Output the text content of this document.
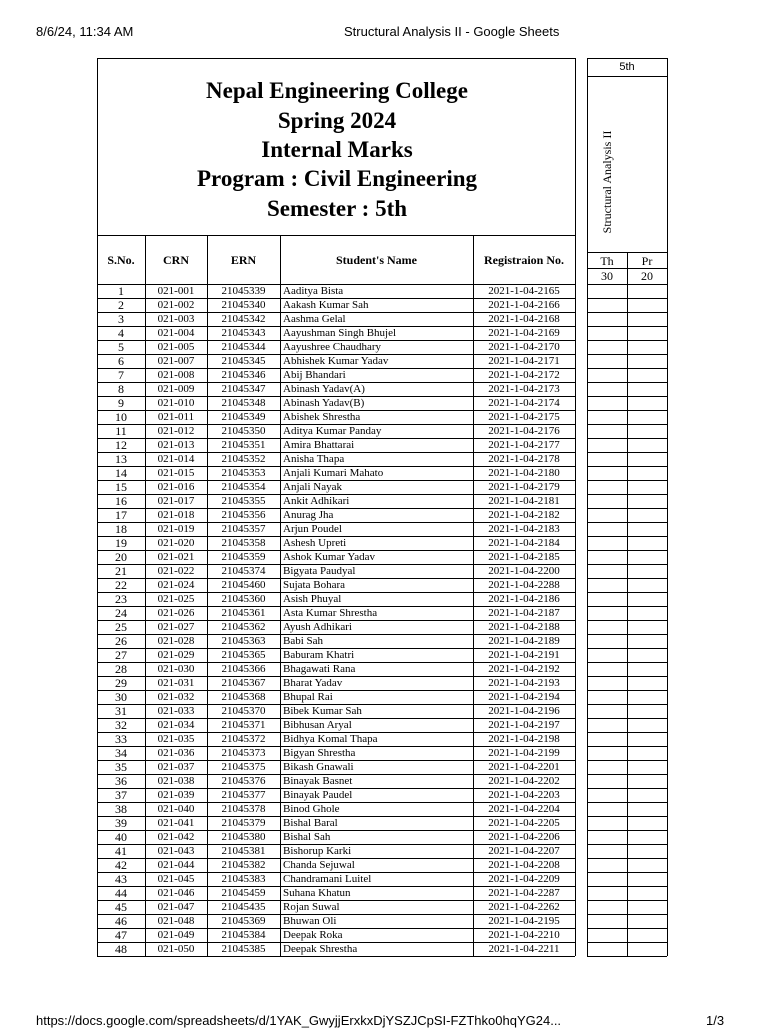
8/6/24, 11:34 AM	Structural Analysis II - Google Sheets
Nepal Engineering College
Spring 2024
Internal Marks
Program : Civil Engineering
Semester : 5th
5th
Structural Analysis II
Th	Pr
30	20
S.No.	CRN	ERN	Student's Name	Registraion No.
1	021-001	21045339	Aaditya Bista	2021-1-04-2165
2	021-002	21045340	Aakash Kumar Sah	2021-1-04-2166
3	021-003	21045342	Aashma Gelal	2021-1-04-2168
4	021-004	21045343	Aayushman Singh Bhujel	2021-1-04-2169
5	021-005	21045344	Aayushree Chaudhary	2021-1-04-2170
6	021-007	21045345	Abhishek Kumar Yadav	2021-1-04-2171
7	021-008	21045346	Abij Bhandari	2021-1-04-2172
8	021-009	21045347	Abinash Yadav(A)	2021-1-04-2173
9	021-010	21045348	Abinash Yadav(B)	2021-1-04-2174
10	021-011	21045349	Abishek Shrestha	2021-1-04-2175
11	021-012	21045350	Aditya Kumar Panday	2021-1-04-2176
12	021-013	21045351	Amira Bhattarai	2021-1-04-2177
13	021-014	21045352	Anisha Thapa	2021-1-04-2178
14	021-015	21045353	Anjali Kumari Mahato	2021-1-04-2180
15	021-016	21045354	Anjali Nayak	2021-1-04-2179
16	021-017	21045355	Ankit Adhikari	2021-1-04-2181
17	021-018	21045356	Anurag Jha	2021-1-04-2182
18	021-019	21045357	Arjun Poudel	2021-1-04-2183
19	021-020	21045358	Ashesh Upreti	2021-1-04-2184
20	021-021	21045359	Ashok Kumar Yadav	2021-1-04-2185
21	021-022	21045374	Bigyata Paudyal	2021-1-04-2200
22	021-024	21045460	Sujata Bohara	2021-1-04-2288
23	021-025	21045360	Asish Phuyal	2021-1-04-2186
24	021-026	21045361	Asta Kumar Shrestha	2021-1-04-2187
25	021-027	21045362	Ayush Adhikari	2021-1-04-2188
26	021-028	21045363	Babi Sah	2021-1-04-2189
27	021-029	21045365	Baburam Khatri	2021-1-04-2191
28	021-030	21045366	Bhagawati Rana	2021-1-04-2192
29	021-031	21045367	Bharat Yadav	2021-1-04-2193
30	021-032	21045368	Bhupal Rai	2021-1-04-2194
31	021-033	21045370	Bibek Kumar Sah	2021-1-04-2196
32	021-034	21045371	Bibhusan Aryal	2021-1-04-2197
33	021-035	21045372	Bidhya Komal Thapa	2021-1-04-2198
34	021-036	21045373	Bigyan Shrestha	2021-1-04-2199
35	021-037	21045375	Bikash Gnawali	2021-1-04-2201
36	021-038	21045376	Binayak Basnet	2021-1-04-2202
37	021-039	21045377	Binayak Paudel	2021-1-04-2203
38	021-040	21045378	Binod Ghole	2021-1-04-2204
39	021-041	21045379	Bishal Baral	2021-1-04-2205
40	021-042	21045380	Bishal Sah	2021-1-04-2206
41	021-043	21045381	Bishorup Karki	2021-1-04-2207
42	021-044	21045382	Chanda Sejuwal	2021-1-04-2208
43	021-045	21045383	Chandramani Luitel	2021-1-04-2209
44	021-046	21045459	Suhana Khatun	2021-1-04-2287
45	021-047	21045435	Rojan Suwal	2021-1-04-2262
46	021-048	21045369	Bhuwan Oli	2021-1-04-2195
47	021-049	21045384	Deepak Roka	2021-1-04-2210
48	021-050	21045385	Deepak Shrestha	2021-1-04-2211
https://docs.google.com/spreadsheets/d/1YAK_GwyjjErxkxDjYSZJCpSI-FZThko0hqYG24...	1/3
